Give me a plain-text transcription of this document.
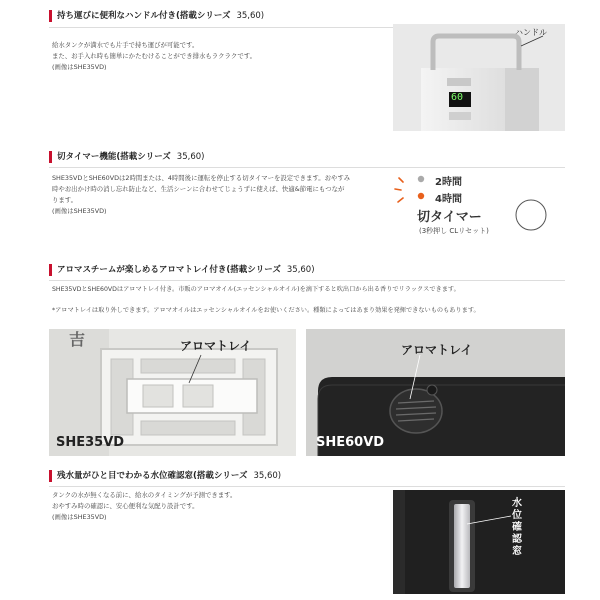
持ち運びに便利なハンドル付き(搭載シリーズ 35,60)
給水タンクが満水でも片手で持ち運びが可能です。
また、お手入れ時も簡単にかたむけることができ排水もラクラクです。
(画像はSHE35VD)
ハンドル
60
切タイマー機能(搭載シリーズ 35,60)
SHE35VDとSHE60VDは2時間または、4時間後に運転を停止する切タイマーを設定できます。おやすみ
時やお出かけ時の消し忘れ防止など、生活シーンに合わせてじょうずに使えば、快適&節電にもつなが
ります。
(画像はSHE35VD)
2時間
4時間
切タイマー
(3秒押し CLリセット)
アロマスチームが楽しめるアロマトレイ付き(搭載シリーズ 35,60)
SHE35VDとSHE60VDはアロマトレイ付き。市販のアロマオイル(エッセンシャルオイル)を滴下すると吹出口から出る香りでリラックスできます。
*アロマトレイは取り外しできます。アロマオイルはエッセンシャルオイルをお使いください。種類によってはあまり効果を発揮できないものもあります。
吉	アロマトレイ
SHE35VD
アロマトレイ
SHE60VD
残水量がひと目でわかる水位確認窓(搭載シリーズ 35,60)
タンクの水が無くなる前に、給水のタイミングが予測できます。
おやすみ時の確認に、安心便利な気配り設計です。
(画像はSHE35VD)
水位確認窓
